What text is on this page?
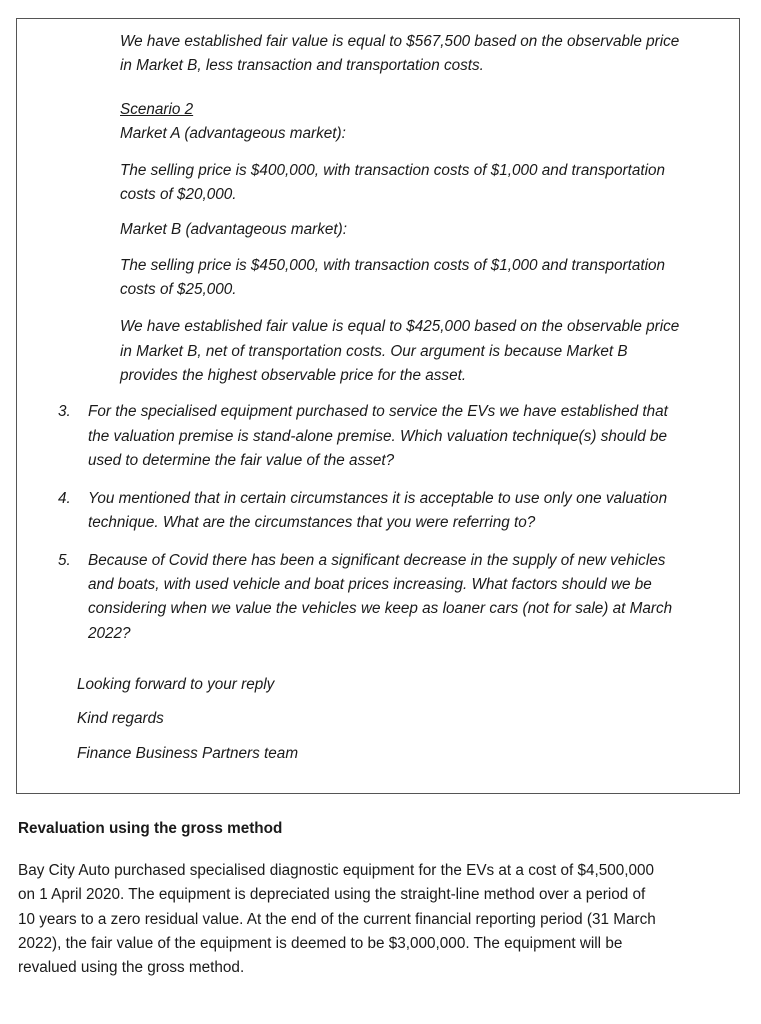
We have established fair value is equal to $567,500 based on the observable price
in Market B, less transaction and transportation costs.
Scenario 2
Market A (advantageous market):
The selling price is $400,000, with transaction costs of $1,000 and transportation
costs of $20,000.
Market B (advantageous market):
The selling price is $450,000, with transaction costs of $1,000 and transportation
costs of $25,000.
We have established fair value is equal to $425,000 based on the observable price
in Market B, net of transportation costs. Our argument is because Market B
provides the highest observable price for the asset.
3. For the specialised equipment purchased to service the EVs we have established that
the valuation premise is stand-alone premise. Which valuation technique(s) should be
used to determine the fair value of the asset?
4. You mentioned that in certain circumstances it is acceptable to use only one valuation
technique. What are the circumstances that you were referring to?
5. Because of Covid there has been a significant decrease in the supply of new vehicles
and boats, with used vehicle and boat prices increasing. What factors should we be
considering when we value the vehicles we keep as loaner cars (not for sale) at March
2022?
Looking forward to your reply
Kind regards
Finance Business Partners team
Revaluation using the gross method
Bay City Auto purchased specialised diagnostic equipment for the EVs at a cost of $4,500,000
on 1 April 2020. The equipment is depreciated using the straight-line method over a period of
10 years to a zero residual value. At the end of the current financial reporting period (31 March
2022), the fair value of the equipment is deemed to be $3,000,000. The equipment will be
revalued using the gross method.
